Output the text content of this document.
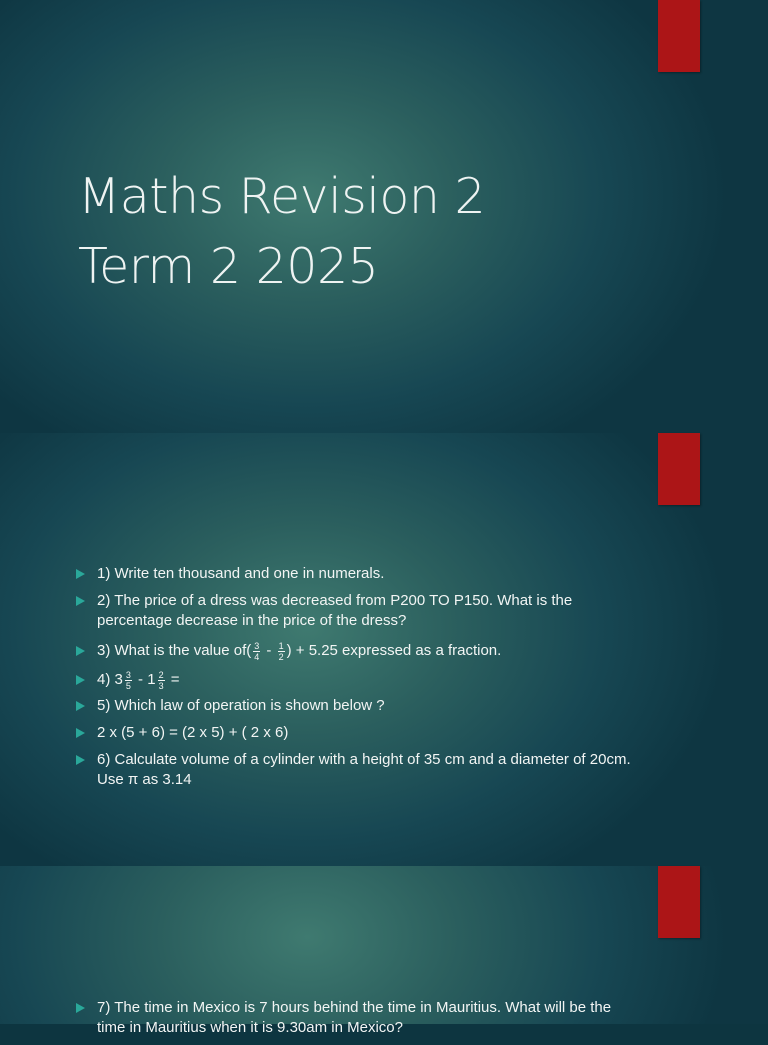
Maths Revision 2
Term 2 2025
1) Write ten thousand and one in numerals.
2) The price of a dress was decreased from P200 TO P150. What is the percentage decrease in the price of the dress?
3) What is the value $of( \frac{3}{4} - \frac{1}{2}$ ) + 5.25 expressed as a fraction.
4) $3 \frac{3}{5} - 1 \frac{2}{3}$ =
5) Which law of operation is shown below ?
2 x (5 + 6) = (2 x 5) + ( 2 x 6)
6) Calculate volume of a cylinder with a height of 35 cm and a diameter of 20cm. Use π as 3.14
7) The time in Mexico is 7 hours behind the time in Mauritius. What will be the time in Mauritius when it is 9.30am in Mexico?
